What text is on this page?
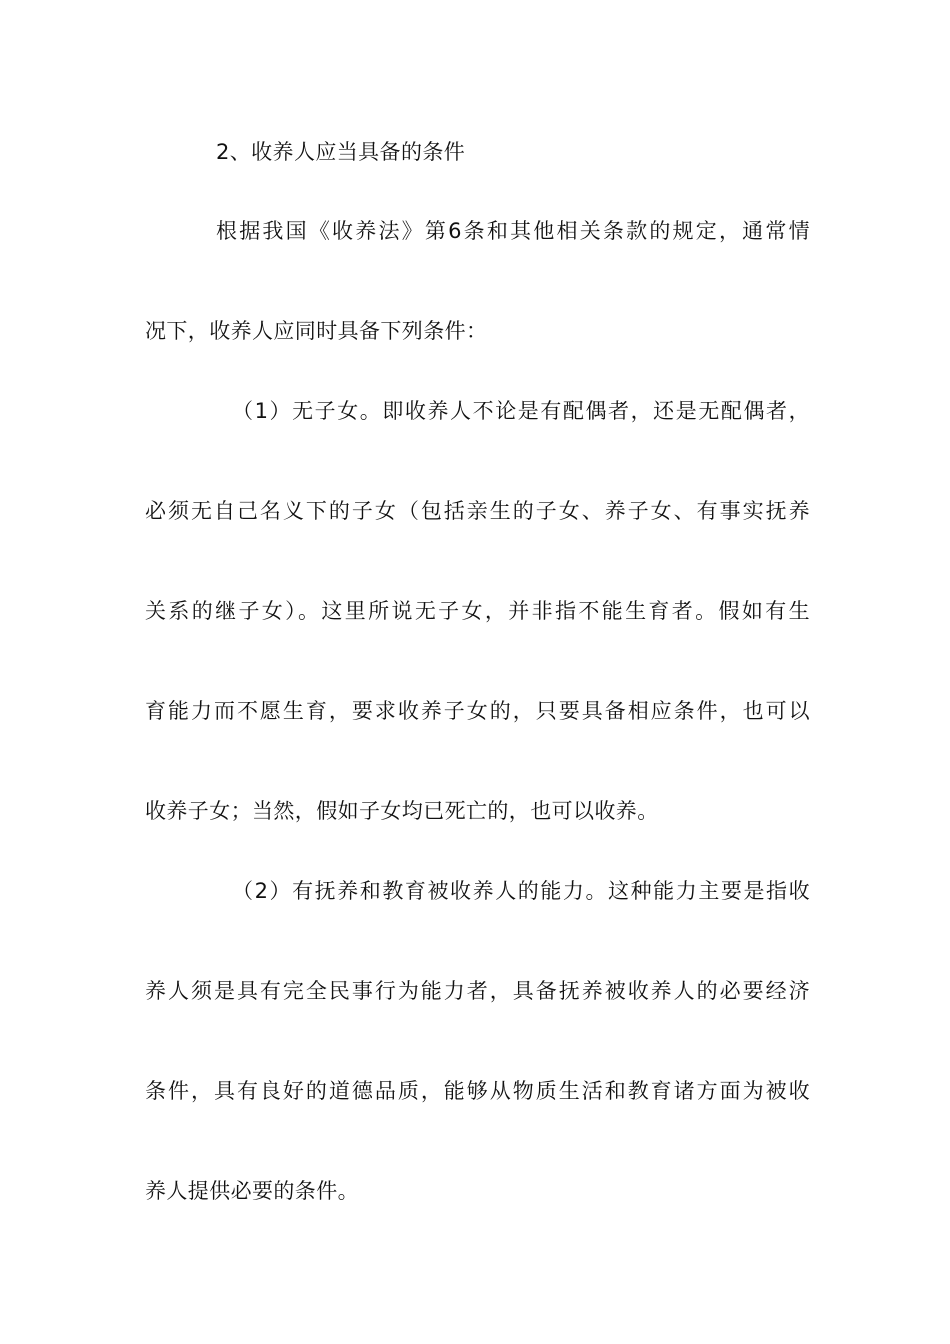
2、收养人应当具备的条件
根据我国《收养法》第6条和其他相关条款的规定，通常情
况下，收养人应同时具备下列条件：
（1）无子女。即收养人不论是有配偶者，还是无配偶者，
必须无自己名义下的子女（包括亲生的子女、养子女、有事实抚养
关系的继子女）。这里所说无子女，并非指不能生育者。假如有生
育能力而不愿生育，要求收养子女的，只要具备相应条件，也可以
收养子女；当然，假如子女均已死亡的，也可以收养。
（2）有抚养和教育被收养人的能力。这种能力主要是指收
养人须是具有完全民事行为能力者，具备抚养被收养人的必要经济
条件，具有良好的道德品质，能够从物质生活和教育诸方面为被收
养人提供必要的条件。
